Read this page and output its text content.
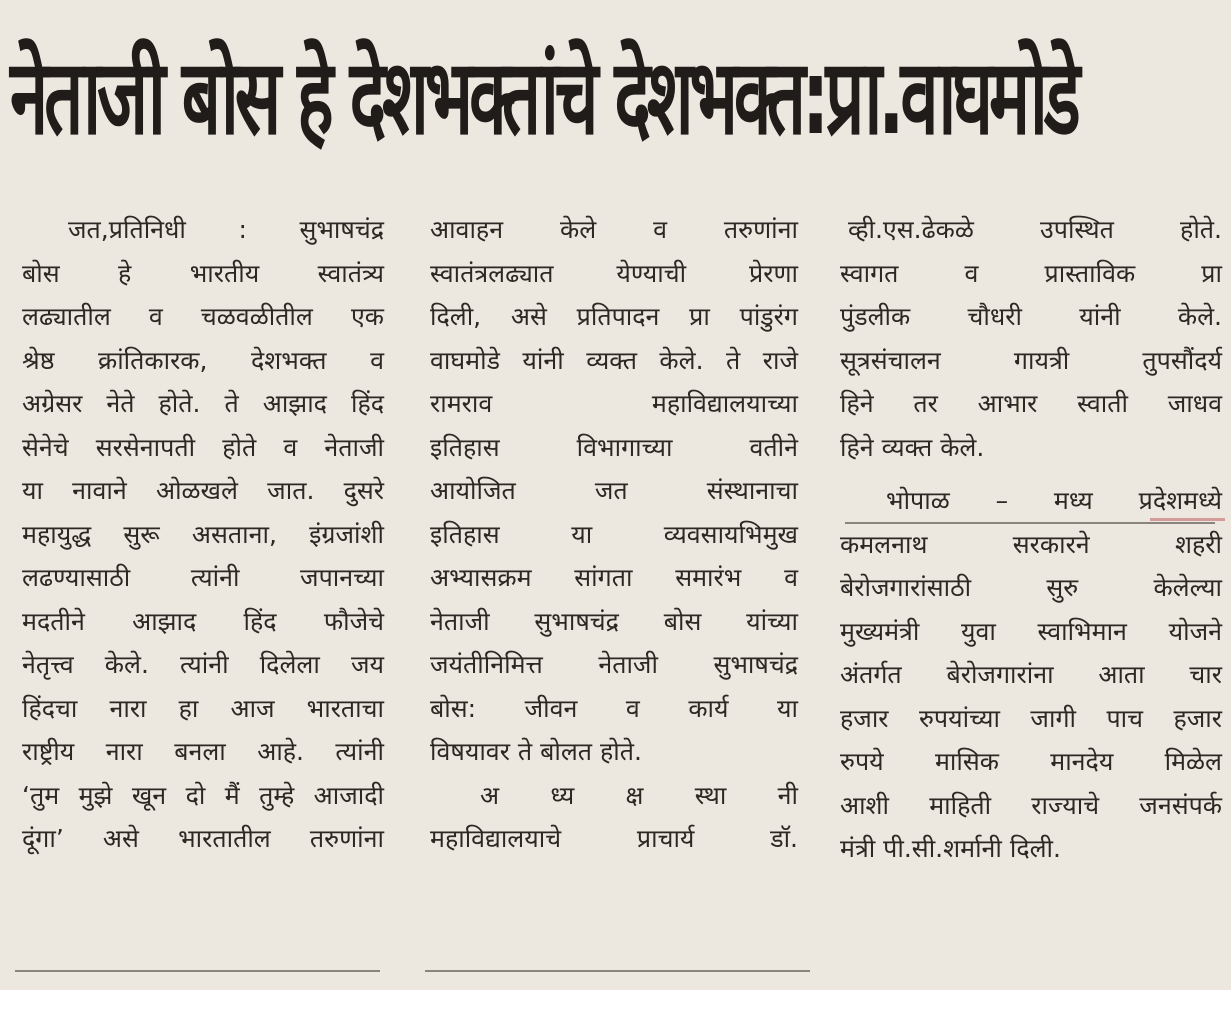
नेताजी बोस हे देशभक्तांचे देशभक्त:प्रा.वाघमोडे

जत,प्रतिनिधी : सुभाषचंद्र

बोस हे भारतीय स्वातंत्र्य

लढ्यातील व चळवळीतील एक

श्रेष्ठ क्रांतिकारक, देशभक्त व

अग्रेसर नेते होते. ते आझाद हिंद

सेनेचे सरसेनापती होते व नेताजी

या नावाने ओळखले जात. दुसरे

महायुद्ध सुरू असताना, इंग्रजांशी

लढण्यासाठी त्यांनी जपानच्या

मदतीने आझाद हिंद फौजेचे

नेतृत्त्व केले. त्यांनी दिलेला जय

हिंदचा नारा हा आज भारताचा

राष्ट्रीय नारा बनला आहे. त्यांनी

‘तुम मुझे खून दो मैं तुम्हे आजादी

दूंगा’ असे भारतातील तरुणांना

आवाहन केले व तरुणांना

स्वातंत्रलढ्यात येण्याची प्रेरणा

दिली, असे प्रतिपादन प्रा पांडुरंग

वाघमोडे यांनी व्यक्त केले. ते राजे

रामराव महाविद्यालयाच्या

इतिहास विभागाच्या वतीने

आयोजित जत संस्थानाचा

इतिहास या व्यवसायभिमुख

अभ्यासक्रम सांगता समारंभ व

नेताजी सुभाषचंद्र बोस यांच्या

जयंतीनिमित्त नेताजी सुभाषचंद्र

बोस: जीवन व कार्य या

विषयावर ते बोलत होते.

अ ध्य क्ष स्था नी

महाविद्यालयाचे प्राचार्य डॉ.

व्ही.एस.ढेकळे उपस्थित होते.

स्वागत व प्रास्ताविक प्रा

पुंडलीक चौधरी यांनी केले.

सूत्रसंचालन गायत्री तुपसौंदर्य

हिने तर आभार स्वाती जाधव

हिने व्यक्त केले.

भोपाळ – मध्य प्रदेशमध्ये

कमलनाथ सरकारने शहरी

बेरोजगारांसाठी सुरु केलेल्या

मुख्यमंत्री युवा स्वाभिमान योजने

अंतर्गत बेरोजगारांना आता चार

हजार रुपयांच्या जागी पाच हजार

रुपये मासिक मानदेय मिळेल

आशी माहिती राज्याचे जनसंपर्क

मंत्री पी.सी.शर्मानी दिली.
